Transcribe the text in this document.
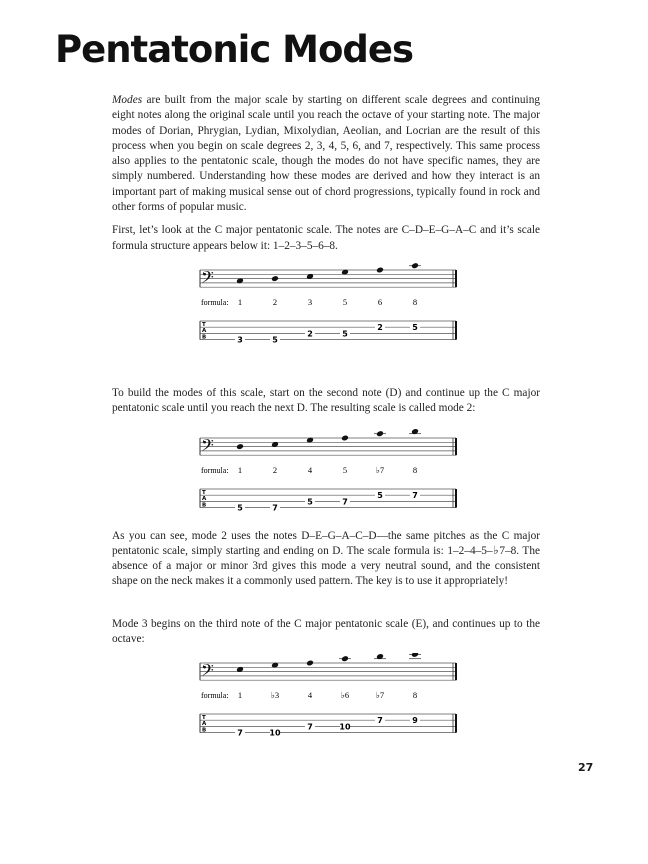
Pentatonic Modes

Modes are built from the major scale by starting on different scale degrees and continuing eight notes along the original scale until you reach the octave of your starting note. The major modes of Dorian, Phrygian, Lydian, Mixolydian, Aeolian, and Locrian are the result of this process when you begin on scale degrees 2, 3, 4, 5, 6, and 7, respectively. This same process also applies to the pentatonic scale, though the modes do not have specific names, they are simply numbered. Understanding how these modes are derived and how they interact is an important part of making musical sense out of chord progressions, typically found in rock and other forms of popular music.

First, let’s look at the C major pentatonic scale. The notes are C–D–E–G–A–C and it’s scale formula structure appears below it: 1–2–3–5–6–8.

𝄢
T
A
B
formula: 1
3
2
5
3
2
5
5
6
2
8
5

To build the modes of this scale, start on the second note (D) and continue up the C major pentatonic scale until you reach the next D. The resulting scale is called mode 2:

𝄢
T
A
B
formula: 1
5
2
7
4
5
5
7
♭7
5
8
7

As you can see, mode 2 uses the notes D–E–G–A–C–D—the same pitches as the C major pentatonic scale, simply starting and ending on D. The scale formula is: 1–2–4–5–♭7–8. The absence of a major or minor 3rd gives this mode a very neutral sound, and the consistent shape on the neck makes it a commonly used pattern. The key is to use it appropriately!

Mode 3 begins on the third note of the C major pentatonic scale (E), and continues up to the octave:

𝄢
T
A
B
formula: 1
7
♭3
10
4
7
♭6
10
♭7
7
8
9
27
